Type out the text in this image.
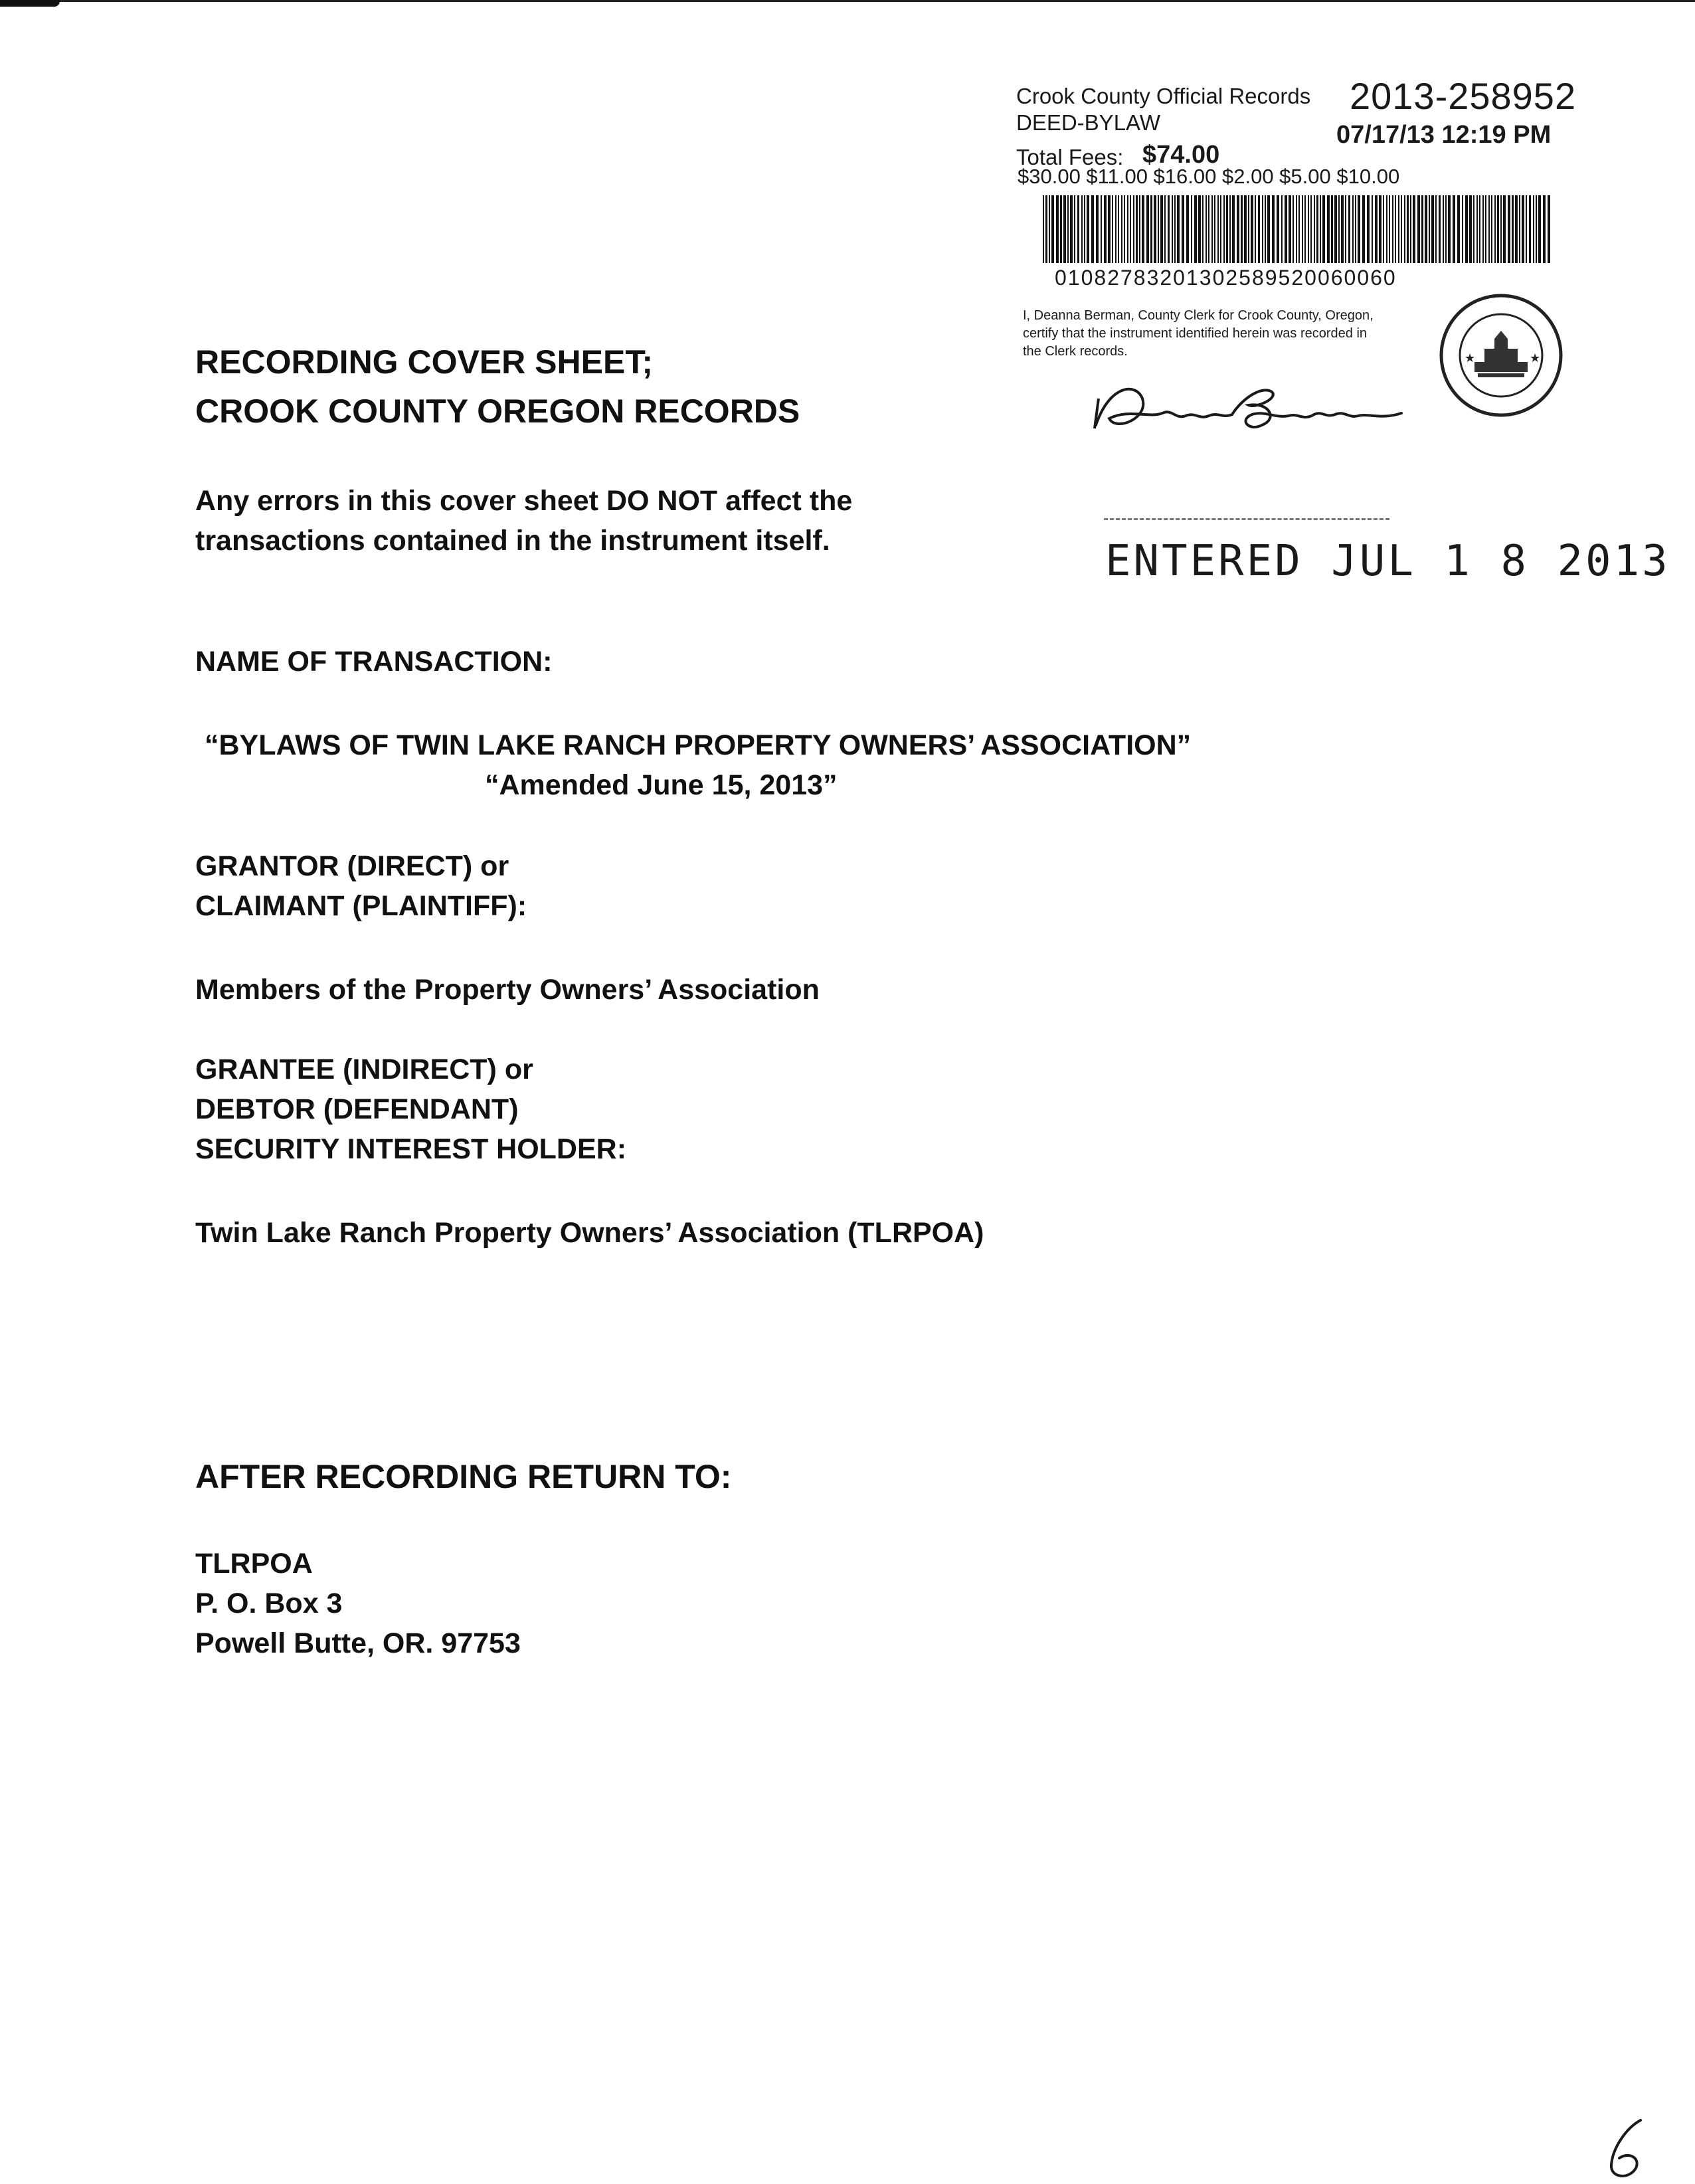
Crook County Official Records
DEED-BYLAW
2013-258952
07/17/13 12:19 PM
Total Fees: $74.00
$30.00 $11.00 $16.00 $2.00 $5.00 $10.00
01082783201302589520060060
I, Deanna Berman, County Clerk for Crook County, Oregon, certify that the instrument identified herein was recorded in the Clerk records.	★	★
ENTERED JUL 1 8 2013
RECORDING COVER SHEET;
CROOK COUNTY OREGON RECORDS
Any errors in this cover sheet DO NOT affect the
transactions contained in the instrument itself.
NAME OF TRANSACTION:
“BYLAWS OF TWIN LAKE RANCH PROPERTY OWNERS’ ASSOCIATION”
“Amended June 15, 2013”
GRANTOR (DIRECT) or
CLAIMANT (PLAINTIFF):
Members of the Property Owners’ Association
GRANTEE (INDIRECT) or
DEBTOR (DEFENDANT)
SECURITY INTEREST HOLDER:
Twin Lake Ranch Property Owners’ Association (TLRPOA)
AFTER RECORDING RETURN TO:
TLRPOA
P. O. Box 3
Powell Butte, OR. 97753
